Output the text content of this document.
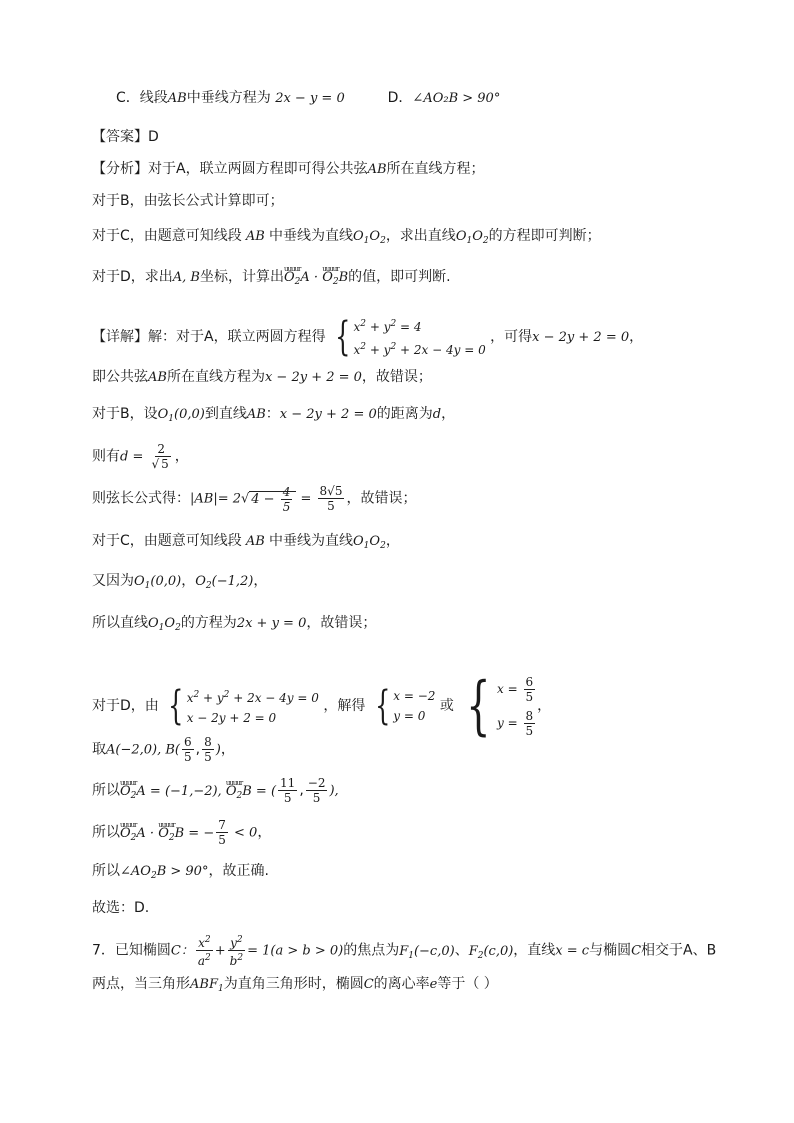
C．线段AB中垂线方程为 2x − y = 0	D．∠AO₂B > 90°
【答案】D
【分析】对于A，联立两圆方程即可得公共弦AB所在直线方程；
对于B，由弦长公式计算即可；
对于C，由题意可知线段 AB 中垂线为直线$O_1O_2$，求出直线$O_1O_2$的方程即可判断；
对于D，求出A, B坐标，计算出uuuur $O_2A$ · uuuur $O_2B$的值，即可判断.
【详解】解：对于A，联立两圆方程得 { $x^2 + y^2 = 4$
$x^2 + y^2 + 2x - 4y = 0$
，可得x − 2y + 2 = 0，
即公共弦AB所在直线方程为x − 2y + 2 = 0，故错误；
对于B，设$O_1(0,0)$到直线AB：x − 2y + 2 = 0的距离为d，
则有$d = \frac{2}{√ 5}$ ，
则弦长公式得：|AB|= 2√ $4 - \frac{4}{5} = \frac{8√5}{5}$ ，故错误；
对于C，由题意可知线段 AB 中垂线为直线$O_1O_2$，
又因为$O_1(0,0)$，$O_2(-1,2)$，
所以直线$O_1O_2$的方程为2x + y = 0，故错误；
对于D，由 { $x^2 + y^2 + 2x - 4y = 0$
x − 2y + 2 = 0
，解得 { x = −2
y = 0
或 { $x = \frac{6}{5}$
$y = \frac{8}{5}$
，
取A(−2,0), $B( \frac{6}{5}$ , $\frac{8}{5}$ )，
所以uuuur $O_2A = (-1,-2)$, uuuur $O_2B$ = ( $\frac{11}{5}$ , $\frac{-2}{5}$ ),
所以uuuur $O_2A$ · uuuur $O_2B$ = − $\frac{7}{5} < 0$，
所以$\angle AO_2B > 90^\circ$，故正确.
故选：D.
7．已知椭圆C： $\frac{x^2}{a^2} + \frac{y^2}{b^2} = 1(a > b > 0)$的焦点为$F_1(-c,0)$、$F_2(c,0)$，直线x = c与椭圆C相交于A、B
两点，当三角形$ABF_1$为直角三角形时，椭圆C的离心率e等于（ ）
